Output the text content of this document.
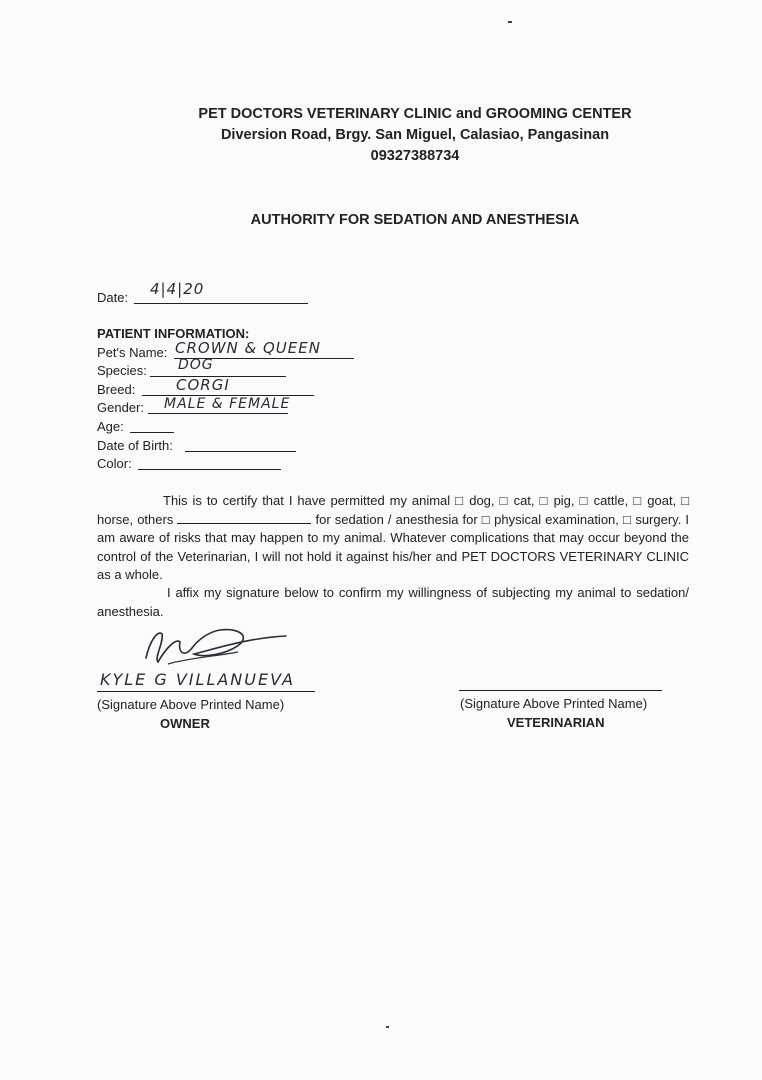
PET DOCTORS VETERINARY CLINIC and GROOMING CENTER
Diversion Road, Brgy. San Miguel, Calasiao, Pangasinan
09327388734
AUTHORITY FOR SEDATION AND ANESTHESIA
Date: 4|4|20
PATIENT INFORMATION:
Pet's Name: CROWN & QUEEN
Species: DOG
Breed:	CORGI
Gender: MALE & FEMALE
Age:
Date of Birth:
Color:
This is to certify that I have permitted my animal □ dog, □ cat, □ pig, □ cattle, □ goat, □ horse, others	for sedation / anesthesia for □ physical examination, □ surgery. I am aware of risks that may happen to my animal. Whatever complications that may occur beyond the control of the Veterinarian, I will not hold it against his/her and PET DOCTORS VETERINARY CLINIC as a whole.
I affix my signature below to confirm my willingness of subjecting my animal to sedation/ anesthesia.
KYLE G VILLANUEVA
(Signature Above Printed Name)
OWNER
(Signature Above Printed Name)
VETERINARIAN
